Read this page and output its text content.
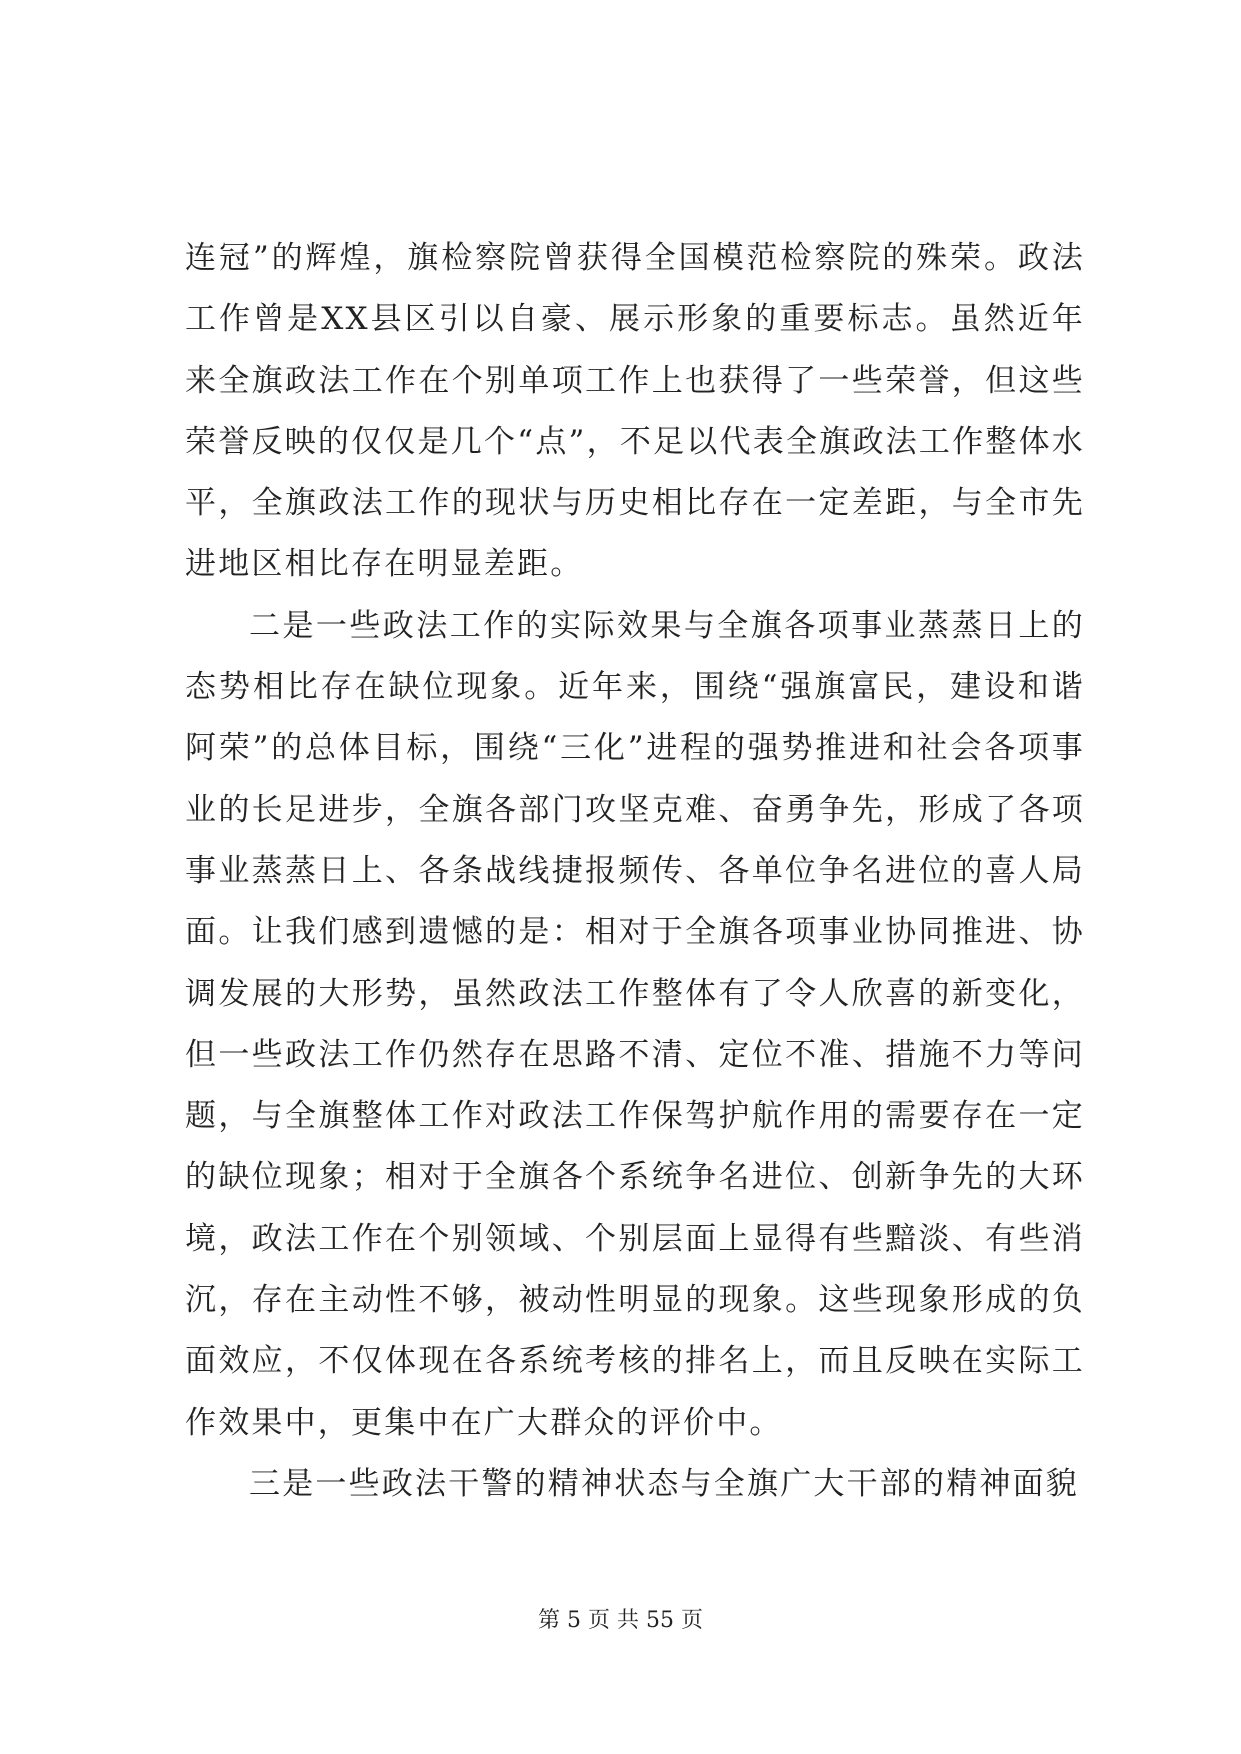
连冠”的辉煌，旗检察院曾获得全国模范检察院的殊荣。政法工作曾是XX县区引以自豪、展示形象的重要标志。虽然近年来全旗政法工作在个别单项工作上也获得了一些荣誉，但这些荣誉反映的仅仅是几个“点”，不足以代表全旗政法工作整体水平，全旗政法工作的现状与历史相比存在一定差距，与全市先进地区相比存在明显差距。

二是一些政法工作的实际效果与全旗各项事业蒸蒸日上的态势相比存在缺位现象。近年来，围绕“强旗富民，建设和谐阿荣”的总体目标，围绕“三化”进程的强势推进和社会各项事业的长足进步，全旗各部门攻坚克难、奋勇争先，形成了各项事业蒸蒸日上、各条战线捷报频传、各单位争名进位的喜人局面。让我们感到遗憾的是：相对于全旗各项事业协同推进、协调发展的大形势，虽然政法工作整体有了令人欣喜的新变化，但一些政法工作仍然存在思路不清、定位不准、措施不力等问题，与全旗整体工作对政法工作保驾护航作用的需要存在一定的缺位现象；相对于全旗各个系统争名进位、创新争先的大环境，政法工作在个别领域、个别层面上显得有些黯淡、有些消沉，存在主动性不够，被动性明显的现象。这些现象形成的负面效应，不仅体现在各系统考核的排名上，而且反映在实际工作效果中，更集中在广大群众的评价中。

三是一些政法干警的精神状态与全旗广大干部的精神面貌

第 5 页 共 55 页
